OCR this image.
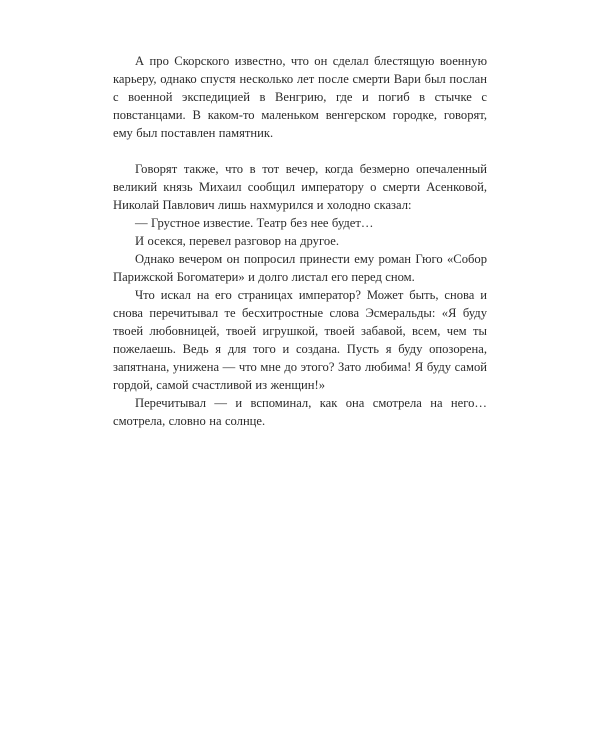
А про Скорского известно, что он сделал блестящую военную карьеру, однако спустя несколько лет после смерти Вари был послан с военной экспедицией в Венгрию, где и погиб в стычке с повстанцами. В каком-то маленьком венгерском городке, говорят, ему был поставлен памятник.

Говорят также, что в тот вечер, когда безмерно опечаленный великий князь Михаил сообщил императору о смерти Асенковой, Николай Павлович лишь нахмурился и холодно сказал:

— Грустное известие. Театр без нее будет…

И осекся, перевел разговор на другое.

Однако вечером он попросил принести ему роман Гюго «Собор Парижской Богоматери» и долго листал его перед сном.

Что искал на его страницах император? Может быть, снова и снова перечитывал те бесхитростные слова Эсмеральды: «Я буду твоей любовницей, твоей игрушкой, твоей забавой, всем, чем ты пожелаешь. Ведь я для того и создана. Пусть я буду опозорена, запятнана, унижена — что мне до этого? Зато любима! Я буду самой гордой, самой счастливой из женщин!»

Перечитывал — и вспоминал, как она смотрела на него… смотрела, словно на солнце.
